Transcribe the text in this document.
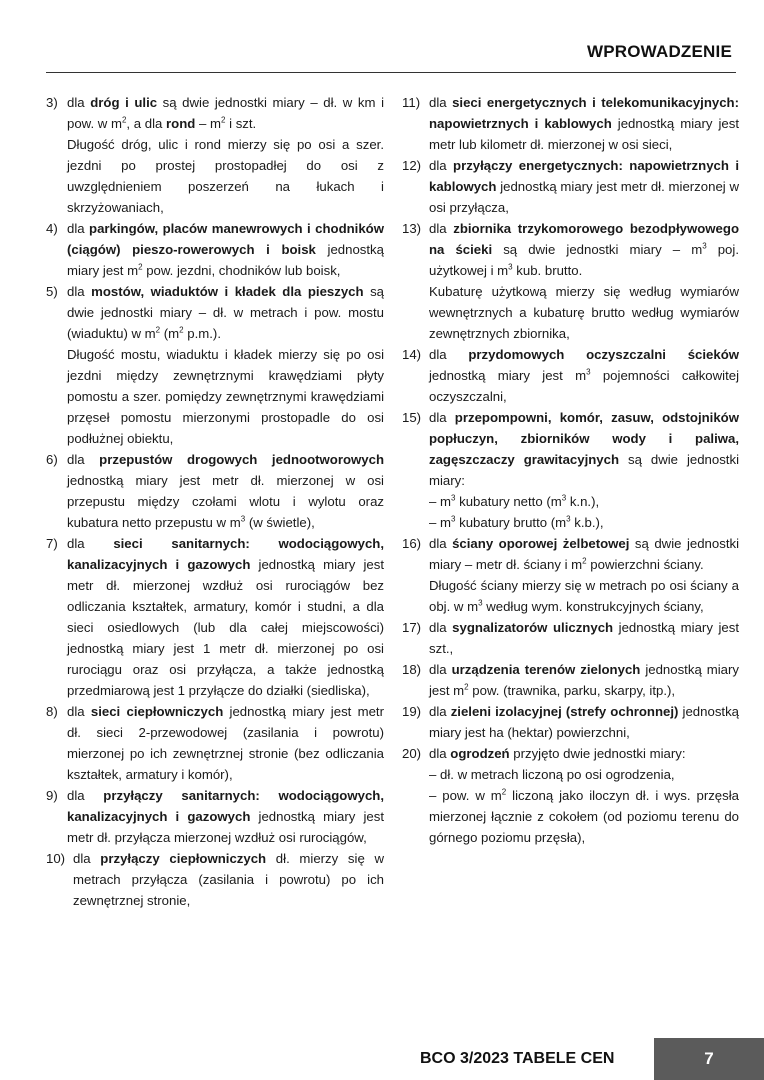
WPROWADZENIE
3) dla dróg i ulic są dwie jednostki miary – dł. w km i pow. w $m^2$, a dla rond – $m^2$ i szt.

Długość dróg, ulic i rond mierzy się po osi a szer. jezdni po prostej prostopadłej do osi z uwzględnieniem poszerzeń na łukach i skrzyżowaniach,

4) dla parkingów, placów manewrowych i chodników (ciągów) pieszo-rowerowych i boisk jednostką miary jest $m^2$ pow. jezdni, chodników lub boisk,

5) dla mostów, wiaduktów i kładek dla pieszych są dwie jednostki miary – dł. w metrach i pow. mostu (wiaduktu) w $m^2$ ($m^2$ p.m.).

Długość mostu, wiaduktu i kładek mierzy się po osi jezdni między zewnętrznymi krawędziami płyty pomostu a szer. pomiędzy zewnętrznymi krawędziami przęseł pomostu mierzonymi prostopadle do osi podłużnej obiektu,

6) dla przepustów drogowych jednootworowych jednostką miary jest metr dł. mierzonej w osi przepustu między czołami wlotu i wylotu oraz kubatura netto przepustu w $m^3$ (w świetle),

7) dla sieci sanitarnych: wodociągowych, kanalizacyjnych i gazowych jednostką miary jest metr dł. mierzonej wzdłuż osi rurociągów bez odliczania kształtek, armatury, komór i studni, a dla sieci osiedlowych (lub dla całej miejscowości) jednostką miary jest 1 metr dł. mierzonej po osi rurociągu oraz osi przyłącza, a także jednostką przedmiarową jest 1 przyłącze do działki (siedliska),

8) dla sieci ciepłowniczych jednostką miary jest metr dł. sieci 2-przewodowej (zasilania i powrotu) mierzonej po ich zewnętrznej stronie (bez odliczania kształtek, armatury i komór),

9) dla przyłączy sanitarnych: wodociągowych, kanalizacyjnych i gazowych jednostką miary jest metr dł. przyłącza mierzonej wzdłuż osi rurociągów,

10) dla przyłączy ciepłowniczych dł. mierzy się w metrach przyłącza (zasilania i powrotu) po ich zewnętrznej stronie,

11) dla sieci energetycznych i telekomunikacyjnych: napowietrznych i kablowych jednostką miary jest metr lub kilometr dł. mierzonej w osi sieci,

12) dla przyłączy energetycznych: napowietrznych i kablowych jednostką miary jest metr dł. mierzonej w osi przyłącza,

13) dla zbiornika trzykomorowego bezodpływowego na ścieki są dwie jednostki miary – $m^3$ poj. użytkowej i $m^3$ kub. brutto.

Kubaturę użytkową mierzy się według wymiarów wewnętrznych a kubaturę brutto według wymiarów zewnętrznych zbiornika,

14) dla przydomowych oczyszczalni ścieków jednostką miary jest $m^3$ pojemności całkowitej oczyszczalni,

15) dla przepompowni, komór, zasuw, odstojników popłuczyn, zbiorników wody i paliwa, zagęszczaczy grawitacyjnych są dwie jednostki miary:

– $m^3$ kubatury netto ($m^3$ k.n.),

– $m^3$ kubatury brutto ($m^3$ k.b.),

16) dla ściany oporowej żelbetowej są dwie jednostki miary – metr dł. ściany i $m^2$ powierzchni ściany.

Długość ściany mierzy się w metrach po osi ściany a obj. w $m^3$ według wym. konstrukcyjnych ściany,

17) dla sygnalizatorów ulicznych jednostką miary jest szt.,

18) dla urządzenia terenów zielonych jednostką miary jest $m^2$ pow. (trawnika, parku, skarpy, itp.),

19) dla zieleni izolacyjnej (strefy ochronnej) jednostką miary jest ha (hektar) powierzchni,

20) dla ogrodzeń przyjęto dwie jednostki miary:

– dł. w metrach liczoną po osi ogrodzenia,

– pow. w $m^2$ liczoną jako iloczyn dł. i wys. przęsła mierzonej łącznie z cokołem (od poziomu terenu do górnego poziomu przęsła),

BCO 3/2023 TABELE CEN	7
